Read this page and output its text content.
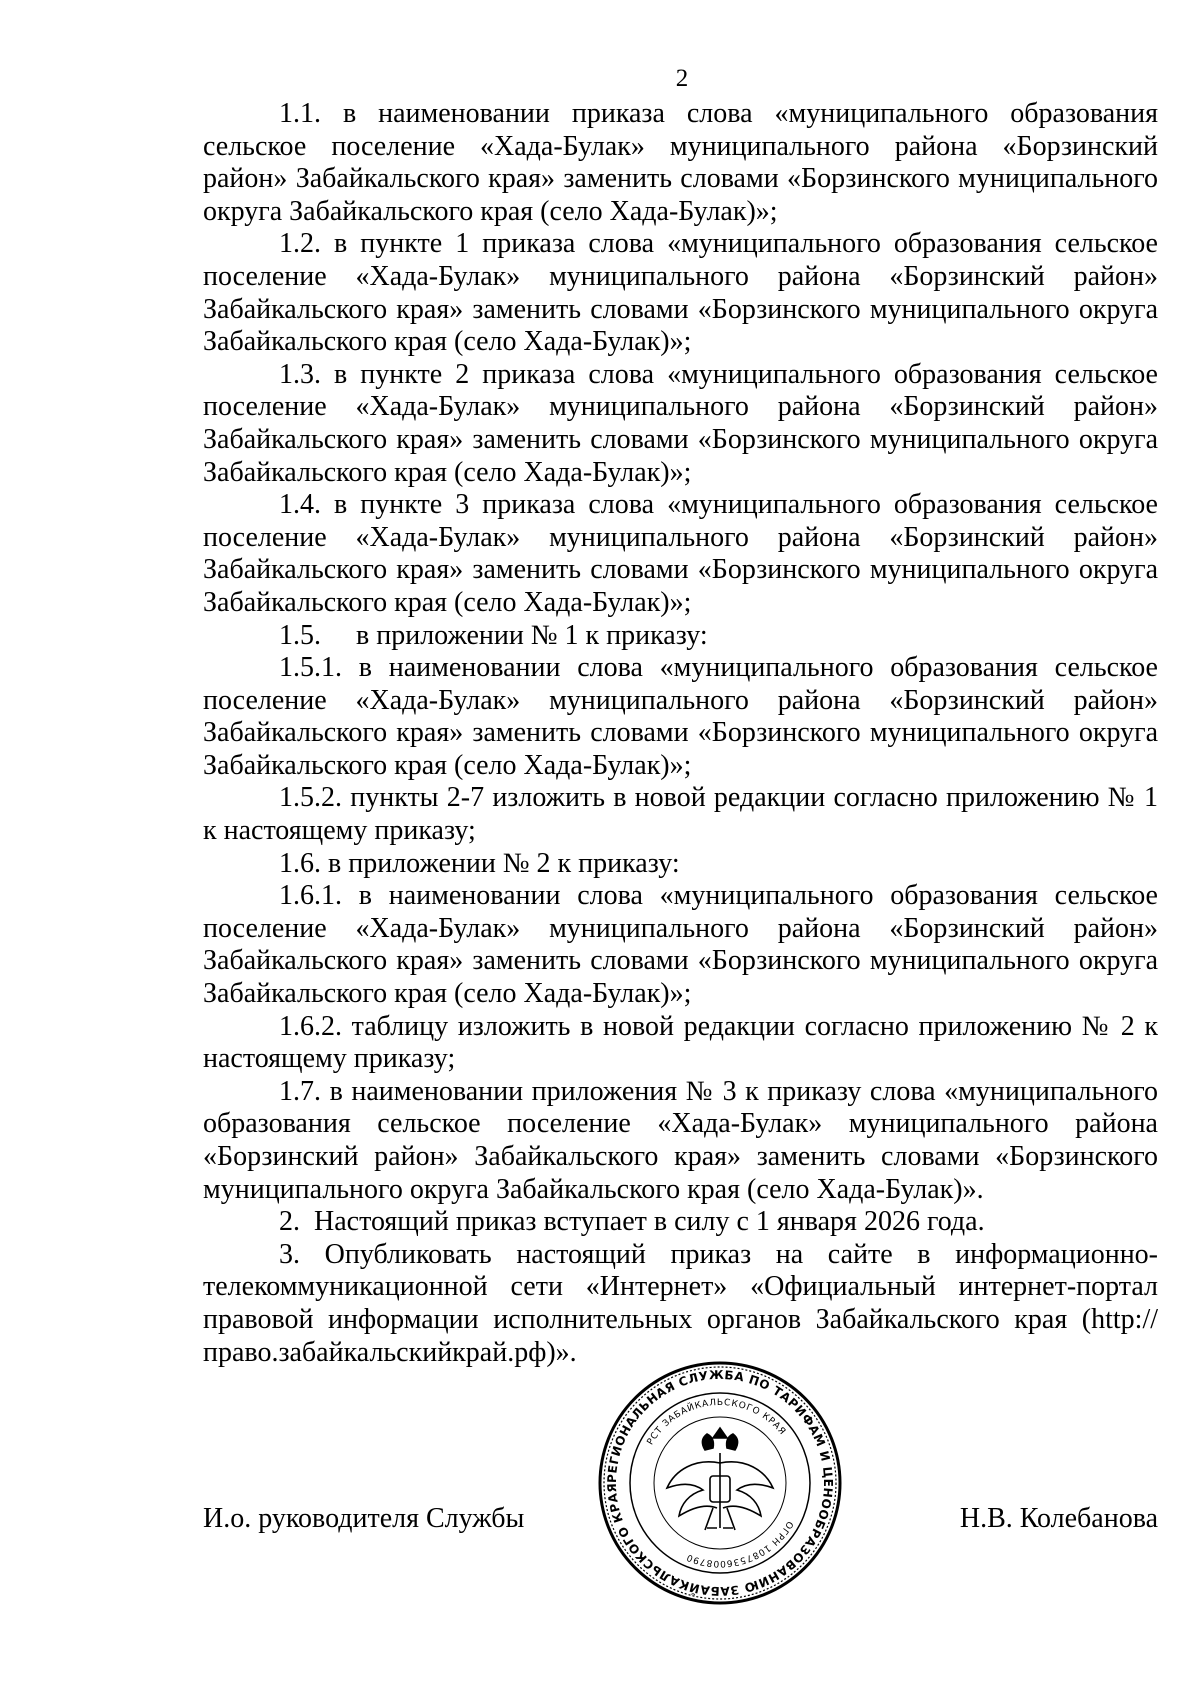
2

1.1. в наименовании приказа слова «муниципального образования сельское поселение «Хада-Булак» муниципального района «Борзинский район» Забайкальского края» заменить словами «Борзинского муниципального округа Забайкальского края (село Хада-Булак)»;

1.2. в пункте 1 приказа слова «муниципального образования сельское поселение «Хада-Булак» муниципального района «Борзинский район» Забайкальского края» заменить словами «Борзинского муниципального округа Забайкальского края (село Хада-Булак)»;

1.3. в пункте 2 приказа слова «муниципального образования сельское поселение «Хада-Булак» муниципального района «Борзинский район» Забайкальского края» заменить словами «Борзинского муниципального округа Забайкальского края (село Хада-Булак)»;

1.4. в пункте 3 приказа слова «муниципального образования сельское поселение «Хада-Булак» муниципального района «Борзинский район» Забайкальского края» заменить словами «Борзинского муниципального округа Забайкальского края (село Хада-Булак)»;

1.5.     в приложении № 1 к приказу:

1.5.1. в наименовании слова «муниципального образования сельское поселение «Хада-Булак» муниципального района «Борзинский район» Забайкальского края» заменить словами «Борзинского муниципального округа Забайкальского края (село Хада-Булак)»;

1.5.2. пункты 2-7 изложить в новой редакции согласно приложению № 1 к настоящему приказу;

1.6. в приложении № 2 к приказу:

1.6.1. в наименовании слова «муниципального образования сельское поселение «Хада-Булак» муниципального района «Борзинский район» Забайкальского края» заменить словами «Борзинского муниципального округа Забайкальского края (село Хада-Булак)»;

1.6.2. таблицу изложить в новой редакции согласно приложению № 2 к настоящему приказу;

1.7. в наименовании приложения № 3 к приказу слова «муниципального образования сельское поселение «Хада-Булак» муниципального района «Борзинский район» Забайкальского края» заменить словами «Борзинского муниципального округа Забайкальского края (село Хада-Булак)».

2.  Настоящий приказ вступает в силу с 1 января 2026 года.

3. Опубликовать настоящий приказ на сайте в информационно-телекоммуникационной сети «Интернет» «Официальный интернет-портал правовой информации исполнительных органов Забайкальского края (http://право.забайкальскийкрай.рф)».

И.о. руководителя Службы	Н.В. Колебанова
РЕГИОНАЛЬНАЯ СЛУЖБА ПО ТАРИФАМ И ЦЕНООБРАЗОВАНИЮ ЗАБАЙКАЛЬСКОГО КРАЯ
РСТ ЗАБАЙКАЛЬСКОГО КРАЯ
ОГРН 1087536008790
